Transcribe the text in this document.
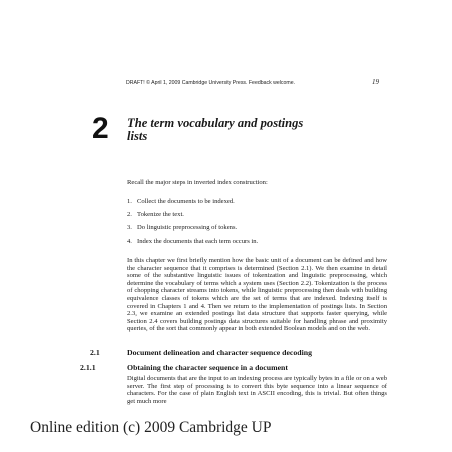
DRAFT! © April 1, 2009 Cambridge University Press. Feedback welcome.	19
2 The term vocabulary and postings
lists
Recall the major steps in inverted index construction:
1. Collect the documents to be indexed.
2. Tokenize the text.
3. Do linguistic preprocessing of tokens.
4. Index the documents that each term occurs in.
In this chapter we first briefly mention how the basic unit of a document can be defined and how the character sequence that it comprises is determined (Section 2.1). We then examine in detail some of the substantive linguistic issues of tokenization and linguistic preprocessing, which determine the vocabulary of terms which a system uses (Section 2.2). Tokenization is the process of chopping character streams into tokens, while linguistic preprocessing then deals with building equivalence classes of tokens which are the set of terms that are indexed. Indexing itself is covered in Chapters 1 and 4. Then we return to the implementation of postings lists. In Section 2.3, we examine an extended postings list data structure that supports faster querying, while Section 2.4 covers building postings data structures suitable for handling phrase and proximity queries, of the sort that commonly appear in both extended Boolean models and on the web.
2.1	Document delineation and character sequence decoding
2.1.1	Obtaining the character sequence in a document
Digital documents that are the input to an indexing process are typically bytes in a file or on a web server. The first step of processing is to convert this byte sequence into a linear sequence of characters. For the case of plain English text in ASCII encoding, this is trivial. But often things get much more
Online edition (c) 2009 Cambridge UP
